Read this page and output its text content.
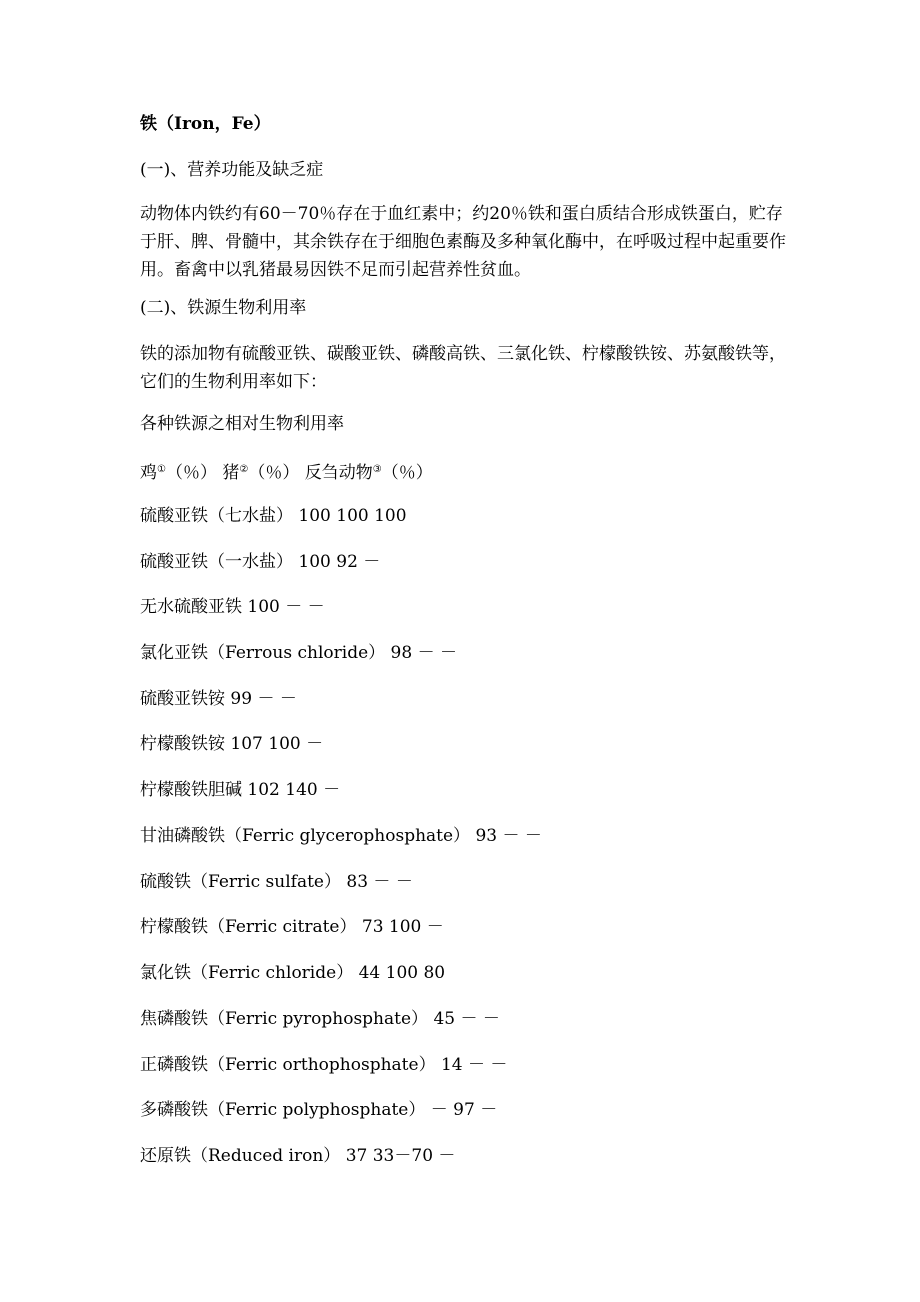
铁（Iron，Fe）
(一)、营养功能及缺乏症
动物体内铁约有60－70％存在于血红素中；约20％铁和蛋白质结合形成铁蛋白，贮存于肝、脾、骨髓中，其余铁存在于细胞色素酶及多种氧化酶中，在呼吸过程中起重要作用。畜禽中以乳猪最易因铁不足而引起营养性贫血。
(二)、铁源生物利用率
铁的添加物有硫酸亚铁、碳酸亚铁、磷酸高铁、三氯化铁、柠檬酸铁铵、苏氨酸铁等，它们的生物利用率如下：
各种铁源之相对生物利用率
鸡①（％） 猪②（％） 反刍动物③（％）
硫酸亚铁（七水盐） 100 100 100
硫酸亚铁（一水盐） 100 92 －
无水硫酸亚铁 100 － －
氯化亚铁（Ferrous chloride） 98 － －
硫酸亚铁铵 99 － －
柠檬酸铁铵 107 100 －
柠檬酸铁胆碱 102 140 －
甘油磷酸铁（Ferric glycerophosphate） 93 － －
硫酸铁（Ferric sulfate） 83 － －
柠檬酸铁（Ferric citrate） 73 100 －
氯化铁（Ferric chloride） 44 100 80
焦磷酸铁（Ferric pyrophosphate） 45 － －
正磷酸铁（Ferric orthophosphate） 14 － －
多磷酸铁（Ferric polyphosphate） － 97 －
还原铁（Reduced iron） 37 33－70 －
